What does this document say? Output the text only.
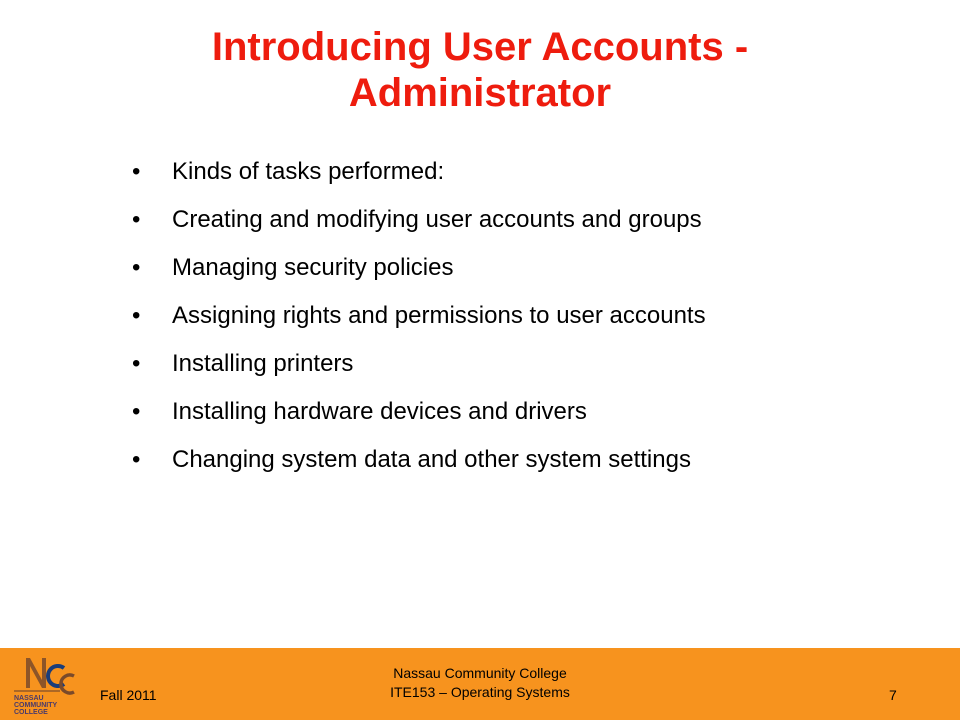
Introducing User Accounts -
Administrator
• Kinds of tasks performed:
• Creating and modifying user accounts and groups
• Managing security policies
• Assigning rights and permissions to user accounts
• Installing printers
• Installing hardware devices and drivers
• Changing system data and other system settings
NASSAU
COMMUNITY
COLLEGE
Fall 2011
Nassau Community College
ITE153 – Operating Systems	7
